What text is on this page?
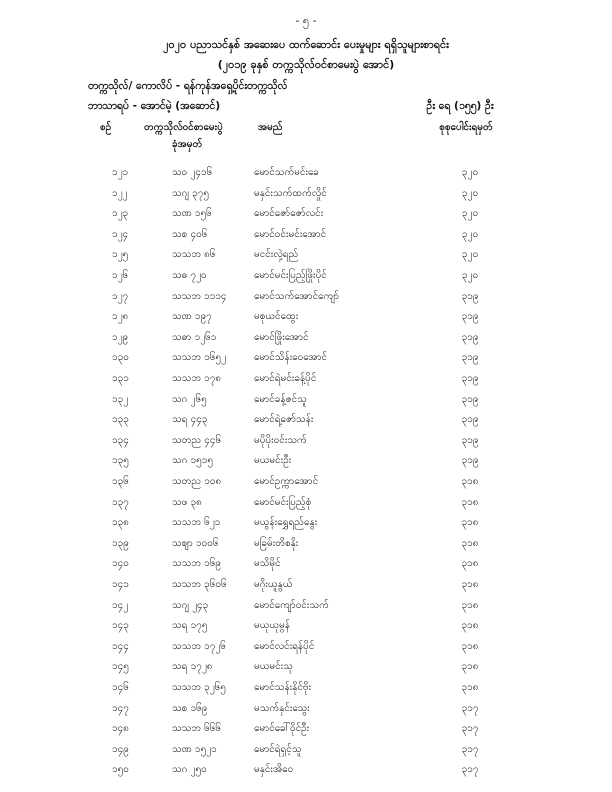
- ၅ -
၂၀၂၀ ပညာသင်နှစ် အဆေးပေ ထက်ဆောင်း ပေးမှုများ ရရှိသူများစာရင်း
(၂၀၁၉ ခုနှစ် တက္ကသိုလ်ဝင်စာမေးပွဲ အောင်)
တက္ကသိုလ်/ ကောလိပ် - ရန်ကုန်အရှေ့ပိုင်းတက္ကသိုလ်
ဘာသာရပ် - အောင်မဲ့ (အဆောင်)	ဦး ရေ (၁၅၅) ဦး
စဉ်	တက္ကသိုလ်ဝင်စာမေးပွဲ
ခုံအမှတ်
အမည်	စုစုပေါင်းရမှတ်
၁၂၁	သဝ ၂၄၁၆	မောင်သက်မင်းခေ	၃၂၀
၁၂၂	သဂျ ၃၇၅	မနှင်းသက်ထက်လှိုင်	၃၂၀
၁၂၃	သဏ ၁၅၆	မောင်ဇော်ဇော်လင်း	၃၂၀
၁၂၄	သစ ၄၀၆	မောင်ဝင်းမင်းအောင်	၃၂၀
၁၂၅	သသဘ ၈၆	မငင်းလှဲ့ရည်	၃၂၀
၁၂၆	သဓ ၇၂၀	မောင်မင်းပြည့်ဖြိုးပိုင်	၃၂၀
၁၂၇	သသဘ ၁၁၁၄	မောင်သက်အောင်ကျော်	၃၁၉
၁၂၈	သဏ ၁၉၇	မစုယင်ထွေး	၃၁၉
၁၂၉	သဓာ ၁၂၆၁	မောင်ဖြိုးအောင်	၃၁၉
၁၃၀	သသဘ ၁၆၅၂	မောင်သိန်းဝေအောင်	၃၁၉
၁၃၁	သသဘ ၁၇၈	မောင်ရဲမင်းခန့်ပိုင်	၃၁၉
၁၃၂	သဂ ၂၆၅	မောင်ခန့်ဇင်သူ	၃၁၉
၁၃၃	သရ ၄၄၃	မောင်ရဲ့ဇော်သန်း	၃၁၉
၁၃၄	သတည ၄၄၆	မပိုပိုးဝင်းသက်	၃၁၉
၁၃၅	သဂ ၁၅၁၅	မယမင်းဦး	၃၁၉
၁၃၆	သတည ၁၀၈	မောင်ဥက္ကာအောင်	၃၁၈
၁၃၇	သဖ ၃၈	မောင်မင်းပြည့်စုံ	၃၁၈
၁၃၈	သသဘ ၆၂၁	မယွန်းရွှေရည်နွေး	၃၁၈
၁၃၉	သဈာ ၁၀၀၆	မခြမ်းတိစနိုး	၃၁၈
၁၄၀	သသဘ ၁၆၉	မသိမိုင်	၃၁၈
၁၄၁	သသဘ ၃၆၀၆	မဂိုးယူနွယ်	၃၁၈
၁၄၂	သဂျ ၂၄၃	မောင်ကျော်ဝင်းသက်	၃၁၈
၁၄၃	သရ ၁၇၅	မယုယုမွန်	၃၁၈
၁၄၄	သသဘ ၁၇၂၆	မောင်လင်းရန်ပိုင်	၃၁၈
၁၄၅	သရ ၁၇၂၈	မယမင်းသု	၃၁၈
၁၄၆	သသဘ ၃၂၆၅	မောင်သန်းနိုင်ဗိုး	၃၁၈
၁၄၇	သစ ၁၆၉	မသက်နှင်းသွေး	၃၁၇
၁၄၈	သသဘ ၆၆၆	မောင်ခေါ်ဝိုင်ဦး	၃၁၇
၁၄၉	သဏ ၁၅၂၁	မောင်ရဲရှင့်သူ	၃၁၇
၁၅၀	သဂ ၂၅၀	မနှင်းအိဝေ	၃၁၇
